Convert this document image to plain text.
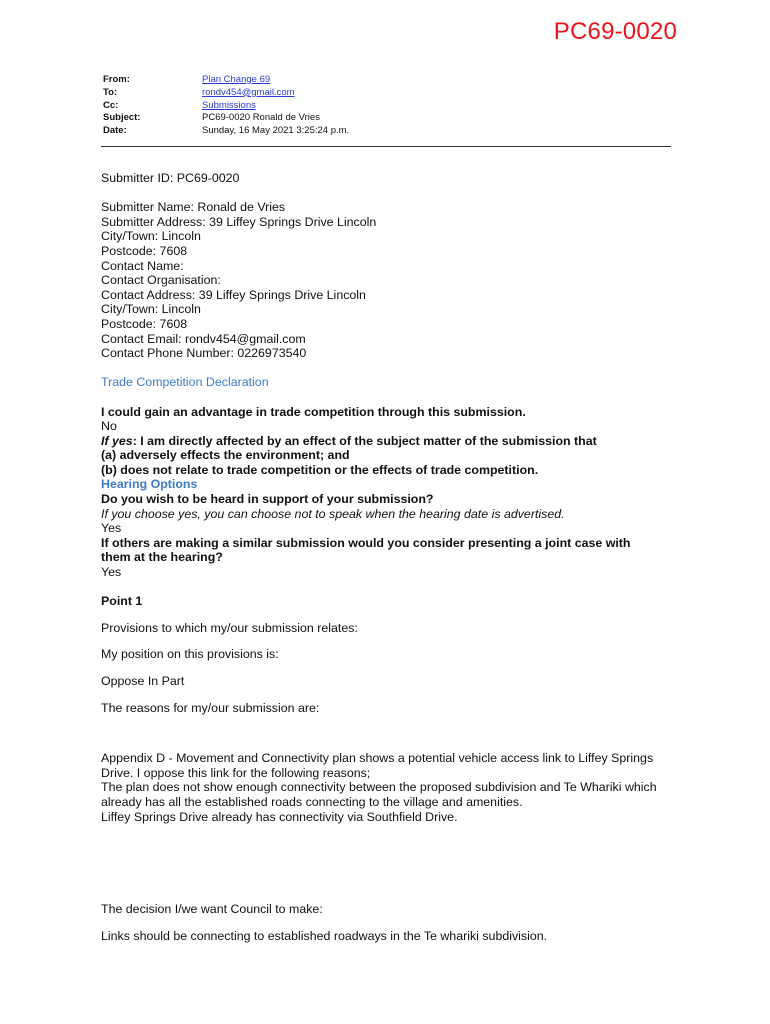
PC69-0020
From:	Plan Change 69
To:	rondv454@gmail.com
Cc:	Submissions
Subject:	PC69-0020 Ronald de Vries
Date:	Sunday, 16 May 2021 3:25:24 p.m.

Submitter ID: PC69-0020

Submitter Name: Ronald de Vries

Submitter Address: 39 Liffey Springs Drive Lincoln

City/Town: Lincoln

Postcode: 7608

Contact Name:

Contact Organisation:

Contact Address: 39 Liffey Springs Drive Lincoln

City/Town: Lincoln

Postcode: 7608

Contact Email: rondv454@gmail.com

Contact Phone Number: 0226973540

Trade Competition Declaration

I could gain an advantage in trade competition through this submission.

No

If yes: I am directly affected by an effect of the subject matter of the submission that

(a) adversely effects the environment; and

(b) does not relate to trade competition or the effects of trade competition.

Hearing Options

Do you wish to be heard in support of your submission?

If you choose yes, you can choose not to speak when the hearing date is advertised.

Yes

If others are making a similar submission would you consider presenting a joint case with

them at the hearing?

Yes

Point 1

Provisions to which my/our submission relates:

My position on this provisions is:

Oppose In Part

The reasons for my/our submission are:

Appendix D - Movement and Connectivity plan shows a potential vehicle access link to Liffey Springs

Drive. I oppose this link for the following reasons;

The plan does not show enough connectivity between the proposed subdivision and Te Whariki which

already has all the established roads connecting to the village and amenities.

Liffey Springs Drive already has connectivity via Southfield Drive.

The decision I/we want Council to make:

Links should be connecting to established roadways in the Te whariki subdivision.
